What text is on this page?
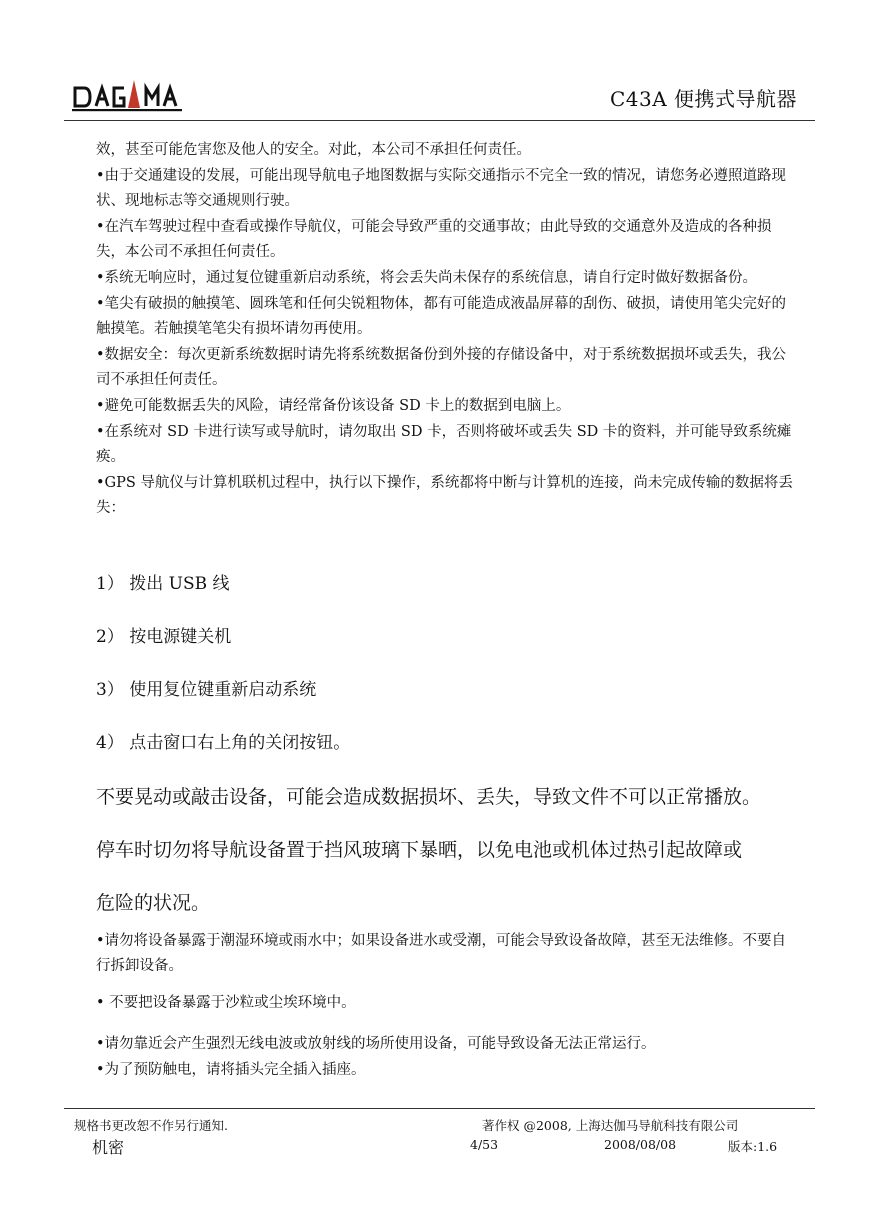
C43A 便携式导航器

效，甚至可能危害您及他人的安全。对此，本公司不承担任何责任。

•由于交通建设的发展，可能出现导航电子地图数据与实际交通指示不完全一致的情况，请您务必遵照道路现状、现地标志等交通规则行驶。

•在汽车驾驶过程中查看或操作导航仪，可能会导致严重的交通事故；由此导致的交通意外及造成的各种损失，本公司不承担任何责任。

•系统无响应时，通过复位键重新启动系统，将会丢失尚未保存的系统信息，请自行定时做好数据备份。

•笔尖有破损的触摸笔、圆珠笔和任何尖锐粗物体，都有可能造成液晶屏幕的刮伤、破损，请使用笔尖完好的触摸笔。若触摸笔笔尖有损坏请勿再使用。

•数据安全：每次更新系统数据时请先将系统数据备份到外接的存储设备中，对于系统数据损坏或丢失，我公司不承担任何责任。

•避免可能数据丢失的风险，请经常备份该设备 SD 卡上的数据到电脑上。

•在系统对 SD 卡进行读写或导航时，请勿取出 SD 卡，否则将破坏或丢失 SD 卡的资料，并可能导致系统瘫痪。

•GPS 导航仪与计算机联机过程中，执行以下操作，系统都将中断与计算机的连接，尚未完成传输的数据将丢失：

1） 拨出 USB 线
2） 按电源键关机
3） 使用复位键重新启动系统
4） 点击窗口右上角的关闭按钮。
不要晃动或敲击设备，可能会造成数据损坏、丢失，导致文件不可以正常播放。
停车时切勿将导航设备置于挡风玻璃下暴晒，以免电池或机体过热引起故障或
危险的状况。
•请勿将设备暴露于潮湿环境或雨水中；如果设备进水或受潮，可能会导致设备故障，甚至无法维修。不要自行拆卸设备。
• 不要把设备暴露于沙粒或尘埃环境中。
•请勿靠近会产生强烈无线电波或放射线的场所使用设备，可能导致设备无法正常运行。
•为了预防触电，请将插头完全插入插座。
规格书更改恕不作另行通知.	著作权 @2008, 上海达伽马导航科技有限公司
机密	4/53	2008/08/08	版本:1.6
